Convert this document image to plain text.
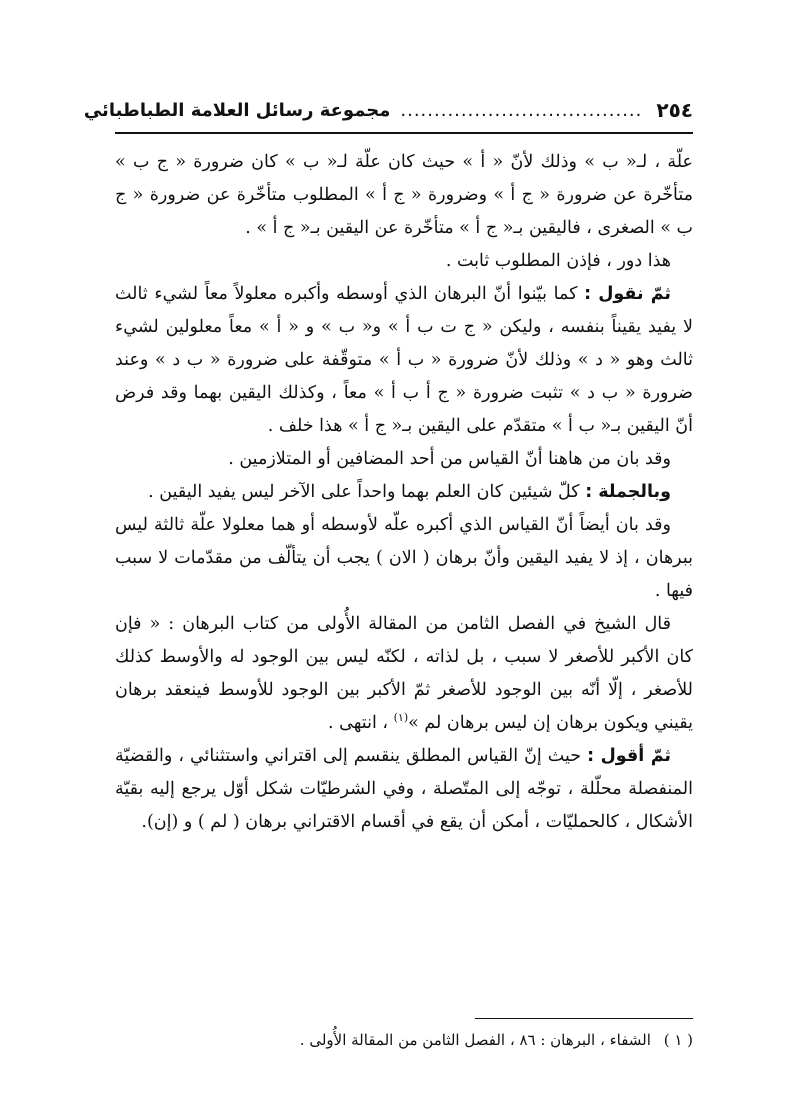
٢٥٤
....................................
مجموعة رسائل العلامة الطباطبائي

علّة ، لـ« ب » وذلك لأنّ « أ » حيث كان علّة لـ« ب » كان ضرورة « ج ب » متأخّرة عن ضرورة « ج أ » وضرورة « ج أ » المطلوب متأخّرة عن ضرورة « ج ب » الصغرى ، فاليقين بـ« ج أ » متأخّرة عن اليقين بـ« ج أ » .

هذا دور ، فإذن المطلوب ثابت .

ثمّ نقول : كما بيّنوا أنّ البرهان الذي أوسطه وأكبره معلولاً معاً لشيء ثالث لا يفيد يقيناً بنفسه ، وليكن « ج ت ب أ » و« ب » و « أ » معاً معلولين لشيء ثالث وهو « د » وذلك لأنّ ضرورة « ب أ » متوقّفة على ضرورة « ب د » وعند ضرورة « ب د » تثبت ضرورة « ج أ ب أ » معاً ، وكذلك اليقين بهما وقد فرض أنّ اليقين بـ« ب أ » متقدّم على اليقين بـ« ج أ » هذا خلف .

وقد بان من هاهنا أنّ القياس من أحد المضافين أو المتلازمين .

وبالجملة : كلّ شيئين كان العلم بهما واحداً على الآخر ليس يفيد اليقين .

وقد بان أيضاً أنّ القياس الذي أكبره علّه لأوسطه أو هما معلولا علّة ثالثة ليس ببرهان ، إذ لا يفيد اليقين وأنّ برهان ( الان ) يجب أن يتألّف من مقدّمات لا سبب فيها .

قال الشيخ في الفصل الثامن من المقالة الأُولى من كتاب البرهان : « فإن كان الأكبر للأصغر لا سبب ، بل لذاته ، لكنّه ليس بين الوجود له والأوسط كذلك للأصغر ، إلّا أنّه بين الوجود للأصغر ثمّ الأكبر بين الوجود للأوسط فينعقد برهان يقيني ويكون برهان إن ليس برهان لم »$^{(١)}$ ، انتهى .

ثمّ أقول : حيث إنّ القياس المطلق ينقسم إلى اقتراني واستثنائي ، والقضيّة المنفصلة محلّلة ، توجّه إلى المتّصلة ، وفي الشرطيّات شكل أوّل يرجع إليه بقيّة الأشكال ، كالحمليّات ، أمكن أن يقع في أقسام الاقتراني برهان ( لم ) و (إن).

( ١ ) الشفاء ، البرهان : ٨٦ ، الفصل الثامن من المقالة الأُولى .
